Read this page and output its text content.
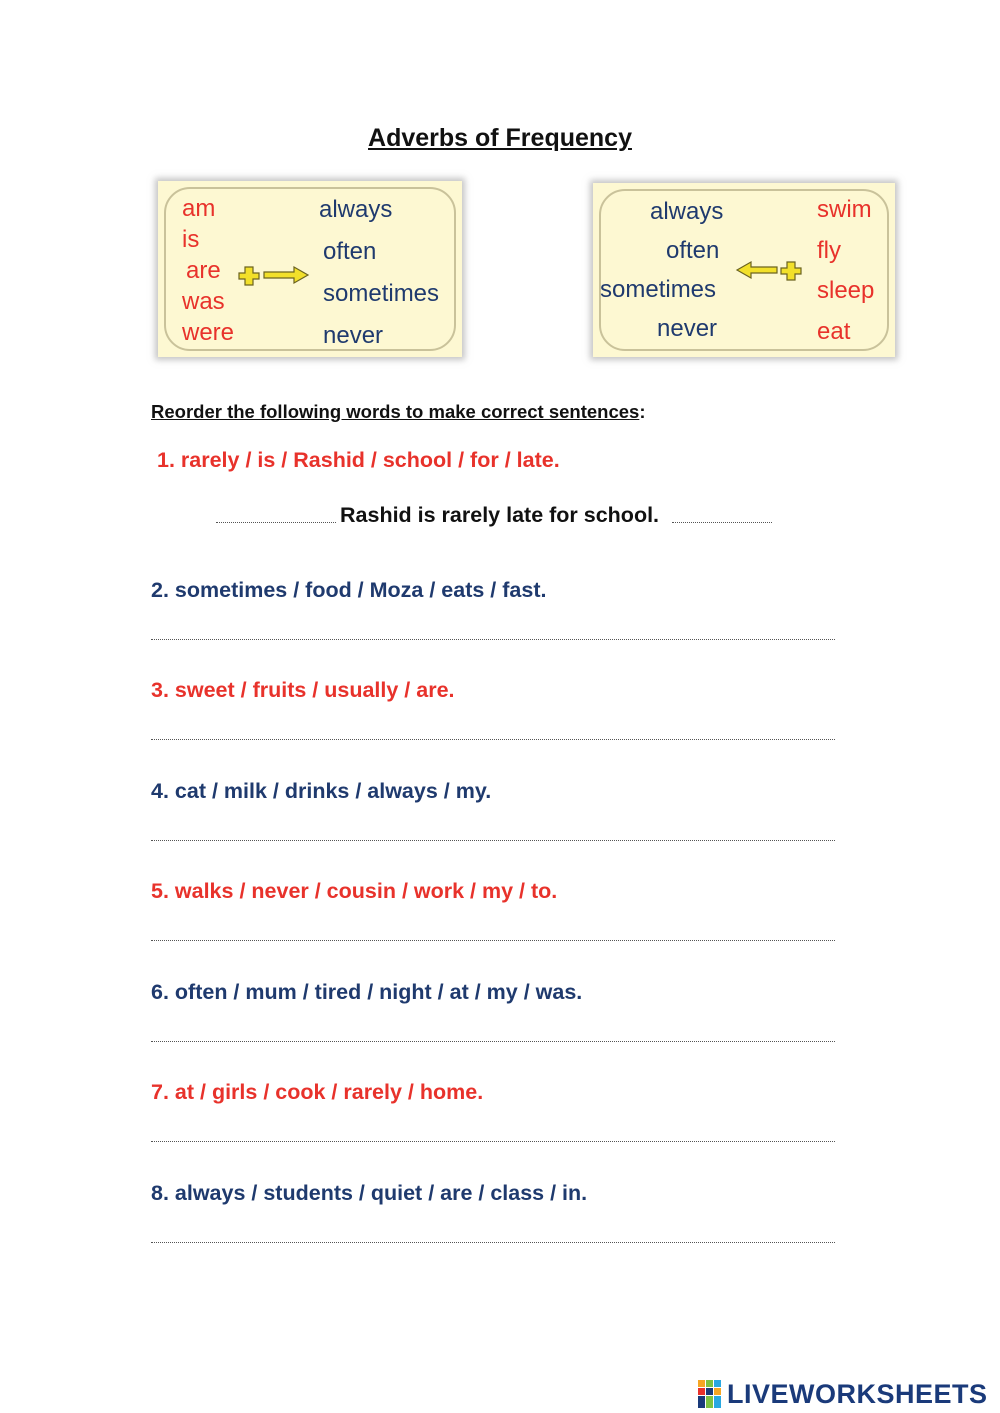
Adverbs of Frequency
am
is
are
was
were
always
often
sometimes
never
always
often
sometimes
never
swim
fly
sleep
eat
Reorder the following words to make correct sentences:
1. rarely / is / Rashid / school / for / late.
Rashid is rarely late for school.
2. sometimes / food / Moza / eats / fast.
3. sweet / fruits / usually / are.
4. cat / milk / drinks / always / my.
5. walks / never / cousin / work / my / to.
6. often / mum / tired / night / at / my / was.
7. at / girls / cook / rarely / home.
8. always / students / quiet / are / class / in.
LIVEWORKSHEETS
